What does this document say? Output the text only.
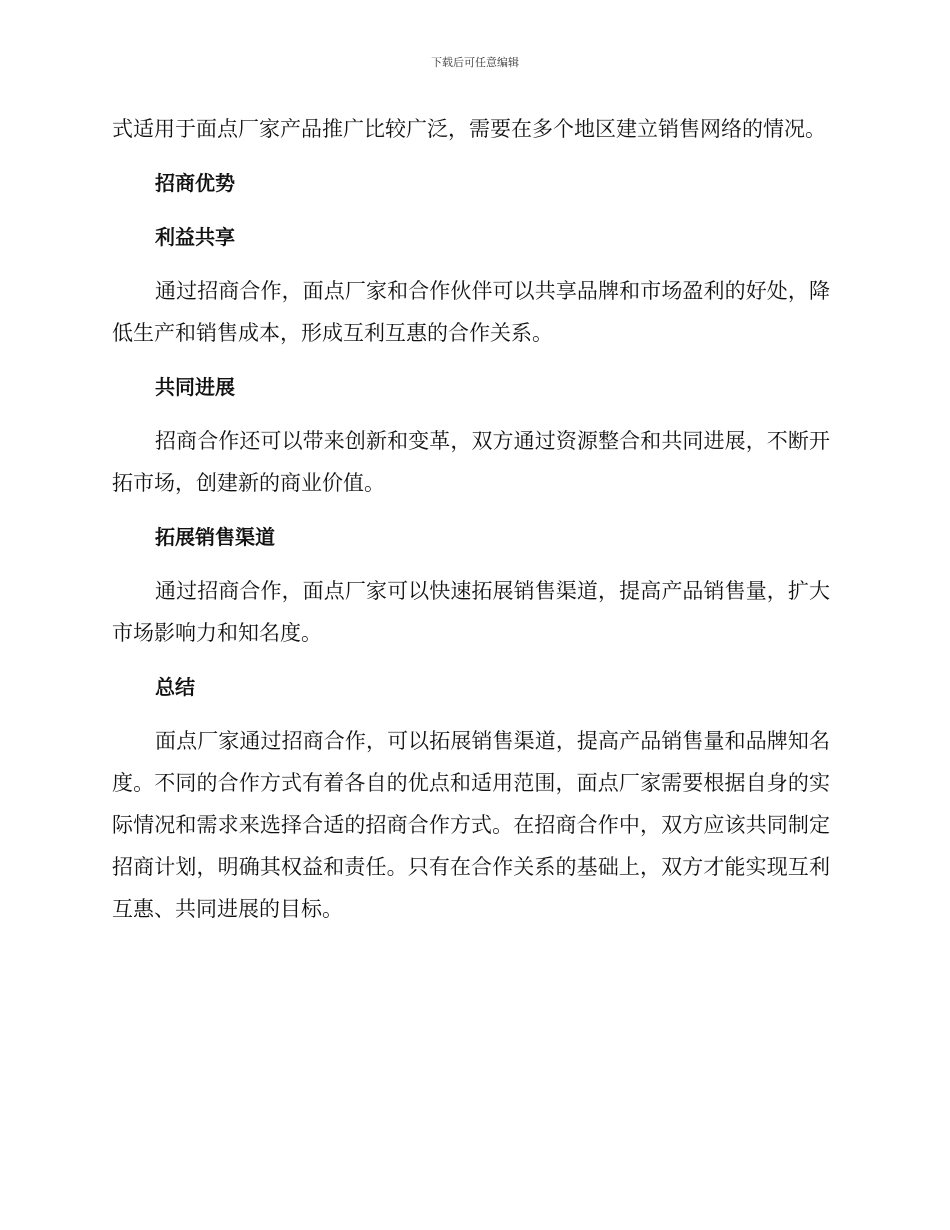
下载后可任意编辑

式适用于面点厂家产品推广比较广泛，需要在多个地区建立销售网络的情况。

招商优势
利益共享

通过招商合作，面点厂家和合作伙伴可以共享品牌和市场盈利的好处，降低生产和销售成本，形成互利互惠的合作关系。

共同进展

招商合作还可以带来创新和变革，双方通过资源整合和共同进展，不断开拓市场，创建新的商业价值。

拓展销售渠道

通过招商合作，面点厂家可以快速拓展销售渠道，提高产品销售量，扩大市场影响力和知名度。

总结

面点厂家通过招商合作，可以拓展销售渠道，提高产品销售量和品牌知名度。不同的合作方式有着各自的优点和适用范围，面点厂家需要根据自身的实际情况和需求来选择合适的招商合作方式。在招商合作中，双方应该共同制定招商计划，明确其权益和责任。只有在合作关系的基础上，双方才能实现互利互惠、共同进展的目标。
